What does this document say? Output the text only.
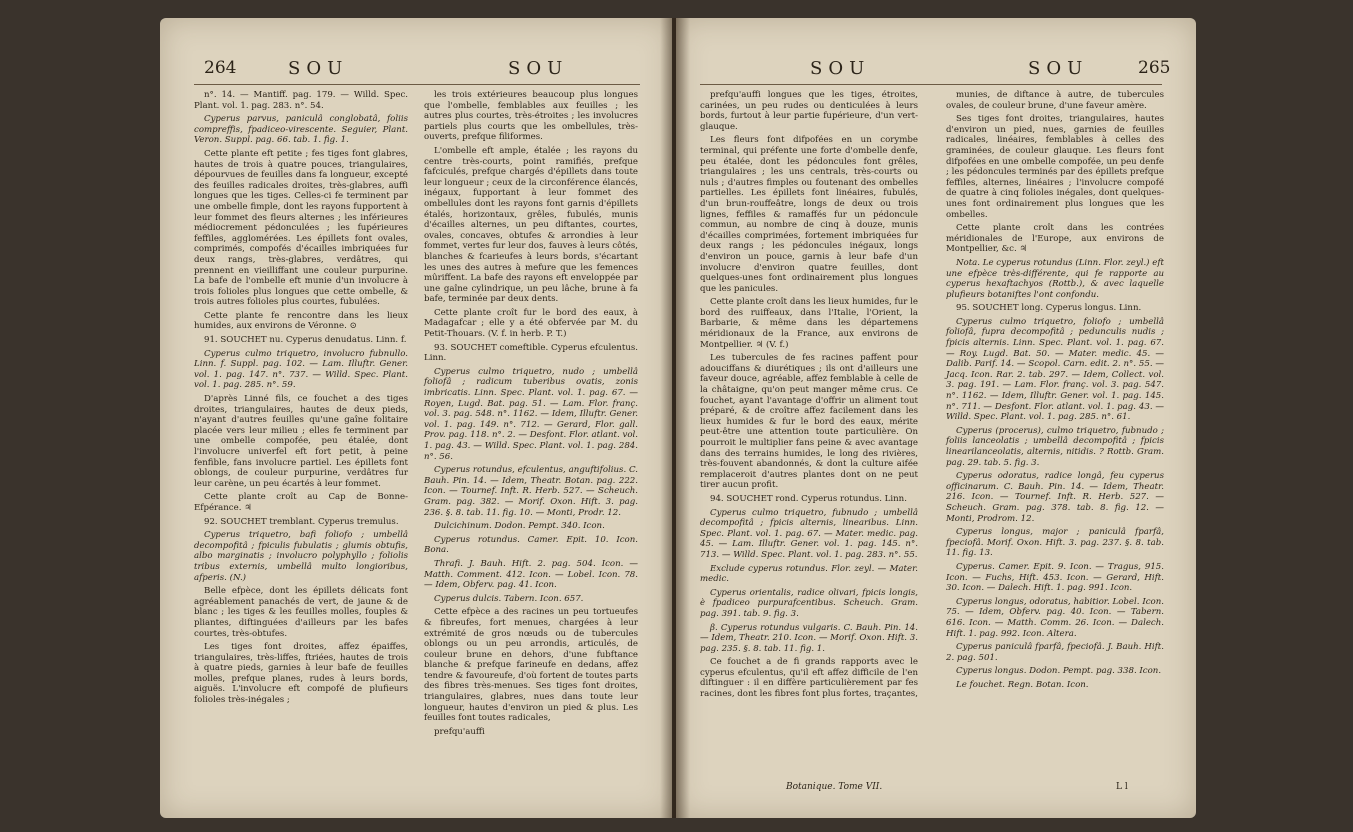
264	SOU	SOU

n°. 14. — Mantiff. pag. 179. — Willd. Spec. Plant. vol. 1. pag. 283. n°. 54.

Cyperus parvus, paniculâ conglobatâ, foliis compreffis, fpadiceo-virescente. Seguier, Plant. Veron. Suppl. pag. 66. tab. 1. fig. 1.

Cette plante eft petite ; fes tiges font glabres, hautes de trois à quatre pouces, triangulaires, dépourvues de feuilles dans fa longueur, excepté des feuilles radicales droites, très-glabres, auffi longues que les tiges. Celles-ci fe terminent par une ombelle fimple, dont les rayons fupportent à leur fommet des fleurs alternes ; les inférieures médiocrement pédonculées ; les fupérieures feffiles, agglomérées. Les épillets font ovales, comprimés, compofés d'écailles imbriquées fur deux rangs, très-glabres, verdâtres, qui prennent en vieilliffant une couleur purpurine. La bafe de l'ombelle eft munie d'un involucre à trois folioles plus longues que cette ombelle, & trois autres folioles plus courtes, fubulées.

Cette plante fe rencontre dans les lieux humides, aux environs de Véronne. ⊙

91. SOUCHET nu. Cyperus denudatus. Linn. f.

Cyperus culmo triquetro, involucro fubnullo. Linn. f. Suppl. pag. 102. — Lam. Illuftr. Gener. vol. 1. pag. 147. n°. 737. — Willd. Spec. Plant. vol. 1. pag. 285. n°. 59.

D'après Linné fils, ce fouchet a des tiges droites, triangulaires, hautes de deux pieds, n'ayant d'autres feuilles qu'une gaîne folitaire placée vers leur milieu ; elles fe terminent par une ombelle compofée, peu étalée, dont l'involucre univerfel eft fort petit, à peine fenfible, fans involucre partiel. Les épillets font oblongs, de couleur purpurine, verdâtres fur leur carène, un peu écartés à leur fommet.

Cette plante croît au Cap de Bonne-Efpérance. ♃

92. SOUCHET tremblant. Cyperus tremulus.

Cyperus triquetro, bafi foliofo ; umbellâ decompofitâ ; fpiculis fubulatis ; glumis obtufis, albo marginatis ; involucro polyphyllo ; foliolis tribus externis, umbellâ multo longioribus, afperis. (N.)

Belle efpèce, dont les épillets délicats font agréablement panachés de vert, de jaune & de blanc ; les tiges & les feuilles molles, fouples & pliantes, diftinguées d'ailleurs par les bafes courtes, très-obtufes.

Les tiges font droites, affez épaiffes, triangulaires, très-liffes, ftriées, hautes de trois à quatre pieds, garnies à leur bafe de feuilles molles, prefque planes, rudes à leurs bords, aiguës. L'involucre eft compofé de plufieurs folioles très-inégales ;

les trois extérieures beaucoup plus longues que l'ombelle, femblables aux feuilles ; les autres plus courtes, très-étroites ; les involucres partiels plus courts que les ombellules, très-ouverts, prefque filiformes.

L'ombelle eft ample, étalée ; les rayons du centre très-courts, point ramifiés, prefque fafciculés, prefque chargés d'épillets dans toute leur longueur ; ceux de la circonférence élancés, inégaux, fupportant à leur fommet des ombellules dont les rayons font garnis d'épillets étalés, horizontaux, grêles, fubulés, munis d'écailles alternes, un peu diftantes, courtes, ovales, concaves, obtufes & arrondies à leur fommet, vertes fur leur dos, fauves à leurs côtés, blanches & fcarieufes à leurs bords, s'écartant les unes des autres à mefure que les femences mûriffent. La bafe des rayons eft enveloppée par une gaîne cylindrique, un peu lâche, brune à fa bafe, terminée par deux dents.

Cette plante croît fur le bord des eaux, à Madagafcar ; elle y a été obfervée par M. du Petit-Thouars. (V. f. in herb. P. T.)

93. SOUCHET comeftible. Cyperus efculentus. Linn.

Cyperus culmo triquetro, nudo ; umbellâ foliofâ ; radicum tuberibus ovatis, zonis imbricatis. Linn. Spec. Plant. vol. 1. pag. 67. — Royen, Lugd. Bat. pag. 51. — Lam. Flor. franç. vol. 3. pag. 548. n°. 1162. — Idem, Illuftr. Gener. vol. 1. pag. 149. n°. 712. — Gerard, Flor. gall. Prov. pag. 118. n°. 2. — Desfont. Flor. atlant. vol. 1. pag. 43. — Willd. Spec. Plant. vol. 1. pag. 284. n°. 56.

Cyperus rotundus, efculentus, anguftifolius. C. Bauh. Pin. 14. — Idem, Theatr. Botan. pag. 222. Icon. — Tournef. Inft. R. Herb. 527. — Scheuch. Gram. pag. 382. — Morif. Oxon. Hift. 3. pag. 236. §. 8. tab. 11. fig. 10. — Monti, Prodr. 12.

Dulcichinum. Dodon. Pempt. 340. Icon.

Cyperus rotundus. Camer. Epit. 10. Icon. Bona.

Thrafi. J. Bauh. Hift. 2. pag. 504. Icon. — Matth. Comment. 412. Icon. — Lobel. Icon. 78. — Idem, Obferv. pag. 41. Icon.

Cyperus dulcis. Tabern. Icon. 657.

Cette efpèce a des racines un peu tortueufes & fibreufes, fort menues, chargées à leur extrémité de gros nœuds ou de tubercules oblongs ou un peu arrondis, articulés, de couleur brune en dehors, d'une fubftance blanche & prefque farineufe en dedans, affez tendre & favoureufe, d'où fortent de toutes parts des fibres très-menues. Ses tiges font droites, triangulaires, glabres, nues dans toute leur longueur, hautes d'environ un pied & plus. Les feuilles font toutes radicales,

prefqu'auffi

SOU	SOU	265

prefqu'auffi longues que les tiges, étroites, carinées, un peu rudes ou denticulées à leurs bords, furtout à leur partie fupérieure, d'un vert-glauque.

Les fleurs font difpofées en un corymbe terminal, qui préfente une forte d'ombelle denfe, peu étalée, dont les pédoncules font grêles, triangulaires ; les uns centrals, très-courts ou nuls ; d'autres fimples ou foutenant des ombelles partielles. Les épillets font linéaires, fubulés, d'un brun-rouffeâtre, longs de deux ou trois lignes, feffiles & ramaffés fur un pédoncule commun, au nombre de cinq à douze, munis d'écailles comprimées, fortement imbriquées fur deux rangs ; les pédoncules inégaux, longs d'environ un pouce, garnis à leur bafe d'un involucre d'environ quatre feuilles, dont quelques-unes font ordinairement plus longues que les panicules.

Cette plante croît dans les lieux humides, fur le bord des ruiffeaux, dans l'Italie, l'Orient, la Barbarie, & même dans les départemens méridionaux de la France, aux environs de Montpellier. ♃ (V. f.)

Les tubercules de fes racines paffent pour adouciffans & diurétiques ; ils ont d'ailleurs une faveur douce, agréable, affez femblable à celle de la châtaigne, qu'on peut manger même crus. Ce fouchet, ayant l'avantage d'offrir un aliment tout préparé, & de croître affez facilement dans les lieux humides & fur le bord des eaux, mérite peut-être une attention toute particulière. On pourroit le multiplier fans peine & avec avantage dans des terrains humides, le long des rivières, très-fouvent abandonnés, & dont la culture aifée remplaceroit d'autres plantes dont on ne peut tirer aucun profit.

94. SOUCHET rond. Cyperus rotundus. Linn.

Cyperus culmo triquetro, fubnudo ; umbellâ decompofitâ ; fpicis alternis, linearibus. Linn. Spec. Plant. vol. 1. pag. 67. — Mater. medic. pag. 45. — Lam. Illuftr. Gener. vol. 1. pag. 145. n°. 713. — Willd. Spec. Plant. vol. 1. pag. 283. n°. 55.

Exclude cyperus rotundus. Flor. zeyl. — Mater. medic.

Cyperus orientalis, radice olivari, fpicis longis, è fpadiceo purpurafcentibus. Scheuch. Gram. pag. 391. tab. 9. fig. 3.

β. Cyperus rotundus vulgaris. C. Bauh. Pin. 14. — Idem, Theatr. 210. Icon. — Morif. Oxon. Hift. 3. pag. 235. §. 8. tab. 11. fig. 1.

Ce fouchet a de fi grands rapports avec le cyperus efculentus, qu'il eft affez difficile de l'en diftinguer : il en diffère particulièrement par fes racines, dont les fibres font plus fortes, traçantes,

munies, de diftance à autre, de tubercules ovales, de couleur brune, d'une faveur amère.

Ses tiges font droites, triangulaires, hautes d'environ un pied, nues, garnies de feuilles radicales, linéaires, femblables à celles des graminées, de couleur glauque. Les fleurs font difpofées en une ombelle compofée, un peu denfe ; les pédoncules terminés par des épillets prefque feffiles, alternes, linéaires ; l'involucre compofé de quatre à cinq folioles inégales, dont quelques-unes font ordinairement plus longues que les ombelles.

Cette plante croît dans les contrées méridionales de l'Europe, aux environs de Montpellier, &c. ♃

Nota. Le cyperus rotundus (Linn. Flor. zeyl.) eft une efpèce très-différente, qui fe rapporte au cyperus hexaftachyos (Rottb.), & avec laquelle plufieurs botaniftes l'ont confondu.

95. SOUCHET long. Cyperus longus. Linn.

Cyperus culmo triquetro, foliofo ; umbellâ foliofâ, fupra decompofitâ ; pedunculis nudis ; fpicis alternis. Linn. Spec. Plant. vol. 1. pag. 67. — Roy. Lugd. Bat. 50. — Mater. medic. 45. — Dalib. Parif. 14. — Scopol. Carn. edit. 2. n°. 55. — Jacq. Icon. Rar. 2. tab. 297. — Idem, Collect. vol. 3. pag. 191. — Lam. Flor. franç. vol. 3. pag. 547. n°. 1162. — Idem, Illuftr. Gener. vol. 1. pag. 145. n°. 711. — Desfont. Flor. atlant. vol. 1. pag. 43. — Willd. Spec. Plant. vol. 1. pag. 285. n°. 61.

Cyperus (procerus), culmo triquetro, fubnudo ; foliis lanceolatis ; umbellâ decompofitâ ; fpicis linearilanceolatis, alternis, nitidis. ? Rottb. Gram. pag. 29. tab. 5. fig. 3.

Cyperus odoratus, radice longâ, feu cyperus officinarum. C. Bauh. Pin. 14. — Idem, Theatr. 216. Icon. — Tournef. Inft. R. Herb. 527. — Scheuch. Gram. pag. 378. tab. 8. fig. 12. — Monti, Prodrom. 12.

Cyperus longus, major ; paniculâ fparfâ, fpeciofâ. Morif. Oxon. Hift. 3. pag. 237. §. 8. tab. 11. fig. 13.

Cyperus. Camer. Epit. 9. Icon. — Tragus, 915. Icon. — Fuchs, Hift. 453. Icon. — Gerard, Hift. 30. Icon. — Dalech. Hift. 1. pag. 991. Icon.

Cyperus longus, odoratus, habitior. Lobel. Icon. 75. — Idem, Obferv. pag. 40. Icon. — Tabern. 616. Icon. — Matth. Comm. 26. Icon. — Dalech. Hift. 1. pag. 992. Icon. Altera.

Cyperus paniculâ fparfâ, fpeciofâ. J. Bauh. Hift. 2. pag. 501.

Cyperus longus. Dodon. Pempt. pag. 338. Icon.

Le fouchet. Regn. Botan. Icon.

Botanique. Tome VII.	L l
